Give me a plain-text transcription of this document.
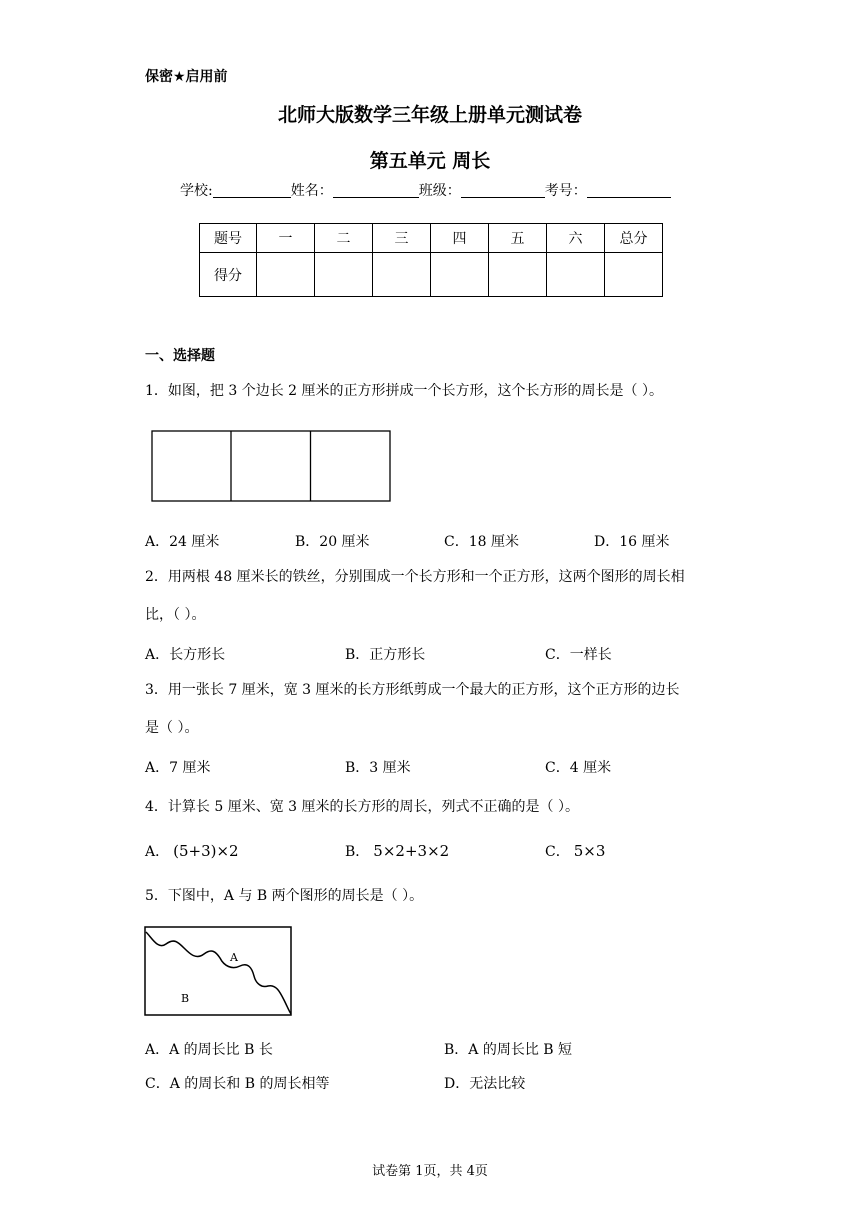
保密★启用前
北师大版数学三年级上册单元测试卷
第五单元 周长
学校:	姓名：	班级：	考号：
题号	一	二	三	四	五	六	总分
得分							
一、选择题
1．如图，把 3 个边长 2 厘米的正方形拼成一个长方形，这个长方形的周长是（ ）。
A．24 厘米	B．20 厘米	C．18 厘米	D．16 厘米
2．用两根 48 厘米长的铁丝，分别围成一个长方形和一个正方形，这两个图形的周长相
比，（ ）。
A．长方形长	B．正方形长	C．一样长
3．用一张长 7 厘米，宽 3 厘米的长方形纸剪成一个最大的正方形，这个正方形的边长
是（ ）。
A．7 厘米	B．3 厘米	C．4 厘米
4．计算长 5 厘米、宽 3 厘米的长方形的周长，列式不正确的是（ ）。
A． (5+3)×2	B． 5×2+3×2	C． 5×3
5．下图中，A 与 B 两个图形的周长是（ ）。
A
B
A．A 的周长比 B 长	B．A 的周长比 B 短
C．A 的周长和 B 的周长相等	D．无法比较
试卷第 1页，共 4页
